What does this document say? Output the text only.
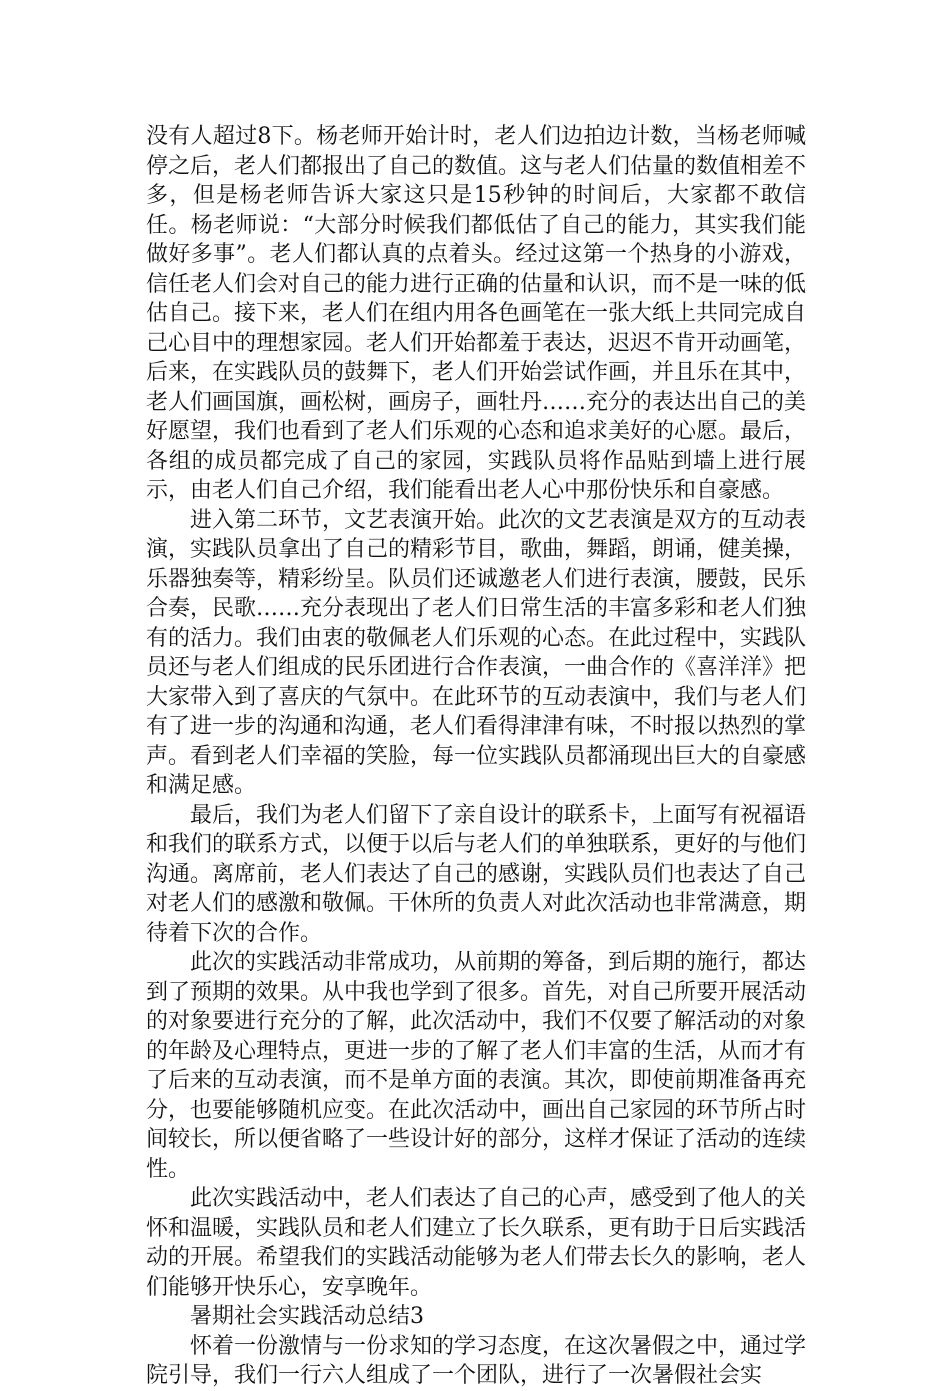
没有人超过8下。杨老师开始计时，老人们边拍边计数，当杨老师喊停之后，老人们都报出了自己的数值。这与老人们估量的数值相差不多，但是杨老师告诉大家这只是15秒钟的时间后，大家都不敢信任。杨老师说：“大部分时候我们都低估了自己的能力，其实我们能做好多事”。老人们都认真的点着头。经过这第一个热身的小游戏，信任老人们会对自己的能力进行正确的估量和认识，而不是一味的低估自己。接下来，老人们在组内用各色画笔在一张大纸上共同完成自己心目中的理想家园。老人们开始都羞于表达，迟迟不肯开动画笔，后来，在实践队员的鼓舞下，老人们开始尝试作画，并且乐在其中，老人们画国旗，画松树，画房子，画牡丹……充分的表达出自己的美好愿望，我们也看到了老人们乐观的心态和追求美好的心愿。最后，各组的成员都完成了自己的家园，实践队员将作品贴到墙上进行展示，由老人们自己介绍，我们能看出老人心中那份快乐和自豪感。

进入第二环节，文艺表演开始。此次的文艺表演是双方的互动表演，实践队员拿出了自己的精彩节目，歌曲，舞蹈，朗诵，健美操，乐器独奏等，精彩纷呈。队员们还诚邀老人们进行表演，腰鼓，民乐合奏，民歌……充分表现出了老人们日常生活的丰富多彩和老人们独有的活力。我们由衷的敬佩老人们乐观的心态。在此过程中，实践队员还与老人们组成的民乐团进行合作表演，一曲合作的《喜洋洋》把大家带入到了喜庆的气氛中。在此环节的互动表演中，我们与老人们有了进一步的沟通和沟通，老人们看得津津有味，不时报以热烈的掌声。看到老人们幸福的笑脸，每一位实践队员都涌现出巨大的自豪感和满足感。

最后，我们为老人们留下了亲自设计的联系卡，上面写有祝福语和我们的联系方式，以便于以后与老人们的单独联系，更好的与他们沟通。离席前，老人们表达了自己的感谢，实践队员们也表达了自己对老人们的感激和敬佩。干休所的负责人对此次活动也非常满意，期待着下次的合作。

此次的实践活动非常成功，从前期的筹备，到后期的施行，都达到了预期的效果。从中我也学到了很多。首先，对自己所要开展活动的对象要进行充分的了解，此次活动中，我们不仅要了解活动的对象的年龄及心理特点，更进一步的了解了老人们丰富的生活，从而才有了后来的互动表演，而不是单方面的表演。其次，即使前期准备再充分，也要能够随机应变。在此次活动中，画出自己家园的环节所占时间较长，所以便省略了一些设计好的部分，这样才保证了活动的连续性。

此次实践活动中，老人们表达了自己的心声，感受到了他人的关怀和温暖，实践队员和老人们建立了长久联系，更有助于日后实践活动的开展。希望我们的实践活动能够为老人们带去长久的影响，老人们能够开快乐心，安享晚年。

暑期社会实践活动总结3

怀着一份激情与一份求知的学习态度，在这次暑假之中，通过学院引导，我们一行六人组成了一个团队，进行了一次暑假社会实
